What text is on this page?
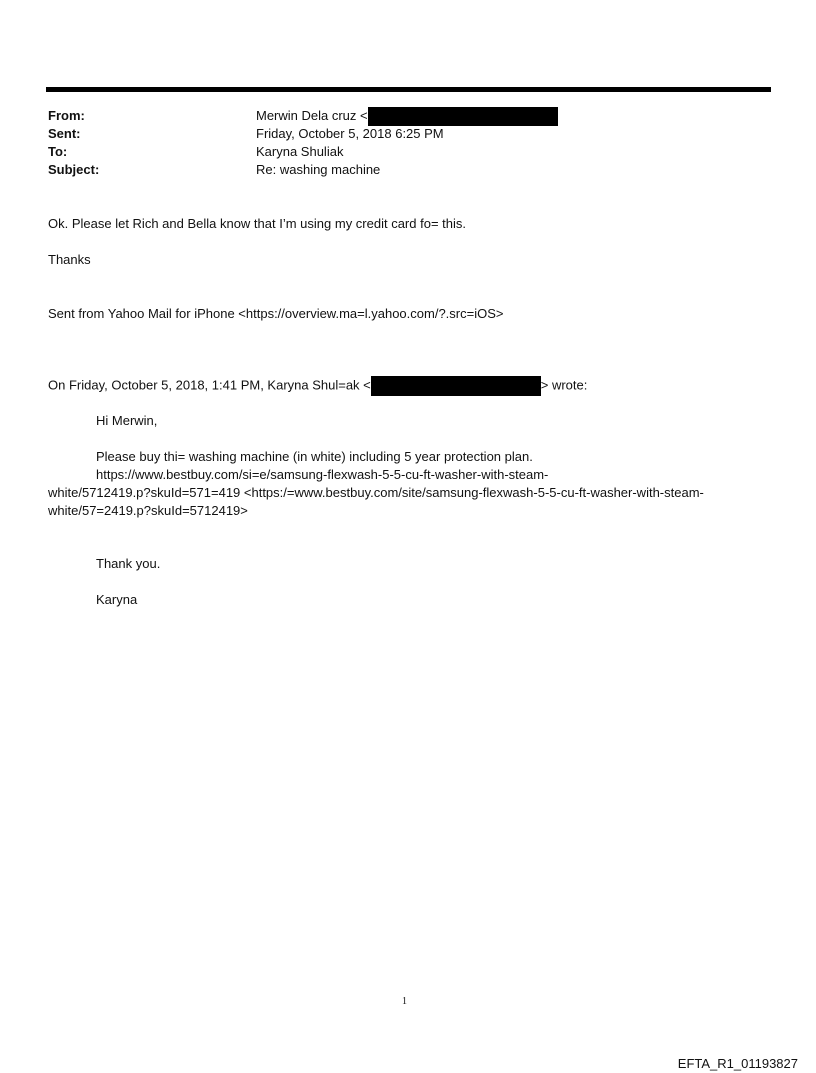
From:	Merwin Dela cruz <
Sent:	Friday, October 5, 2018 6:25 PM
To:	Karyna Shuliak
Subject:	Re: washing machine
Ok. Please let Rich and Bella know that I’m using my credit card fo= this.
Thanks
Sent from Yahoo Mail for iPhone <https://overview.ma=l.yahoo.com/?.src=iOS>
On Friday, October 5, 2018, 1:41 PM, Karyna Shul=ak <	> wrote:
Hi Merwin,
Please buy thi= washing machine (in white) including 5 year protection plan.
https://www.bestbuy.com/si=e/samsung-flexwash-5-5-cu-ft-washer-with-steam-
white/5712419.p?skuId=571=419 <https:/=www.bestbuy.com/site/samsung-flexwash-5-5-cu-ft-washer-with-steam-
white/57=2419.p?skuId=5712419>
Thank you.
Karyna
1
EFTA_R1_01193827
